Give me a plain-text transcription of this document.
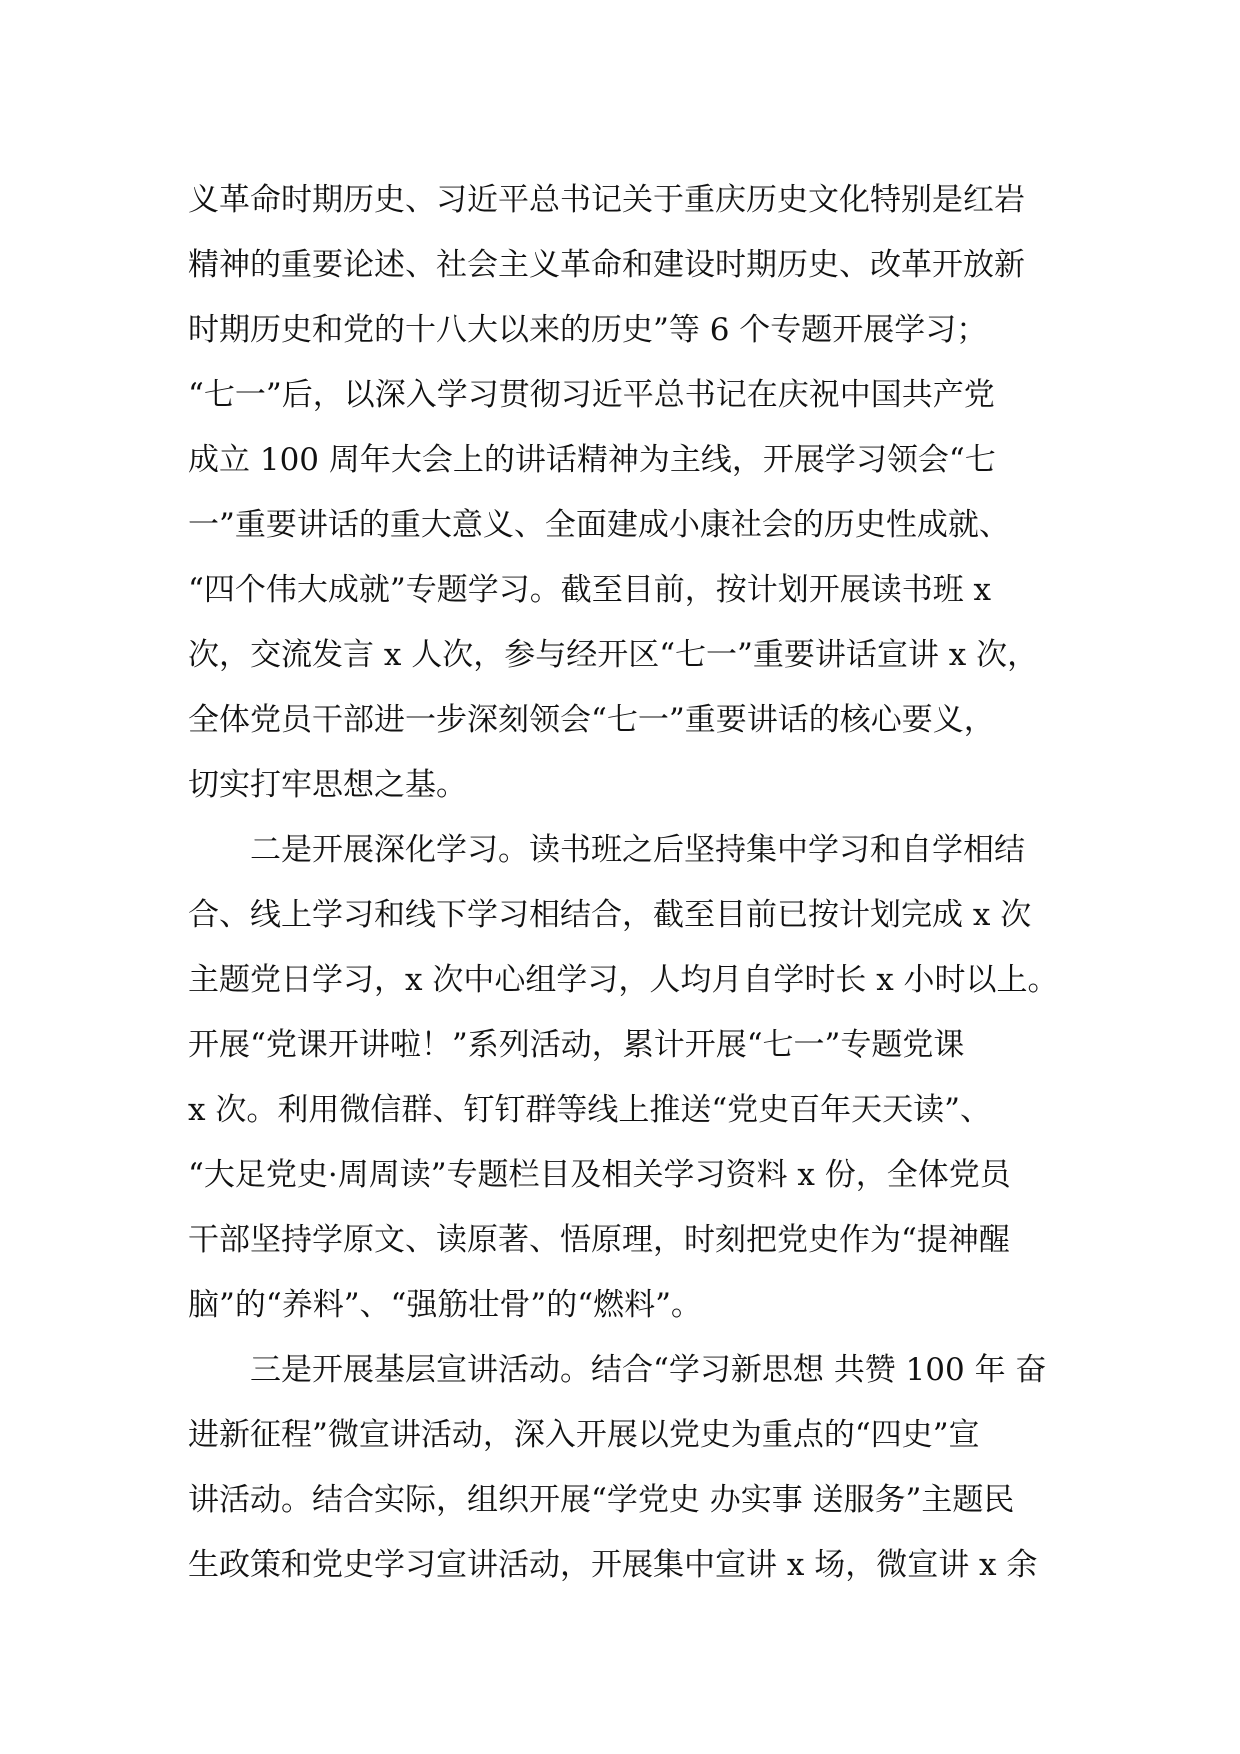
义革命时期历史、习近平总书记关于重庆历史文化特别是红岩
精神的重要论述、社会主义革命和建设时期历史、改革开放新
时期历史和党的十八大以来的历史”等 6 个专题开展学习；
“七一”后，以深入学习贯彻习近平总书记在庆祝中国共产党
成立 100 周年大会上的讲话精神为主线，开展学习领会“七
一”重要讲话的重大意义、全面建成小康社会的历史性成就、
“四个伟大成就”专题学习。截至目前，按计划开展读书班 x
次，交流发言 x 人次，参与经开区“七一”重要讲话宣讲 x 次，
全体党员干部进一步深刻领会“七一”重要讲话的核心要义，
切实打牢思想之基。
二是开展深化学习。读书班之后坚持集中学习和自学相结
合、线上学习和线下学习相结合，截至目前已按计划完成 x 次
主题党日学习，x 次中心组学习，人均月自学时长 x 小时以上。
开展“党课开讲啦！”系列活动，累计开展“七一”专题党课
x 次。利用微信群、钉钉群等线上推送“党史百年天天读”、
“大足党史·周周读”专题栏目及相关学习资料 x 份，全体党员
干部坚持学原文、读原著、悟原理，时刻把党史作为“提神醒
脑”的“养料”、“强筋壮骨”的“燃料”。
三是开展基层宣讲活动。结合“学习新思想 共赞 100 年 奋
进新征程”微宣讲活动，深入开展以党史为重点的“四史”宣
讲活动。结合实际，组织开展“学党史 办实事 送服务”主题民
生政策和党史学习宣讲活动，开展集中宣讲 x 场，微宣讲 x 余
